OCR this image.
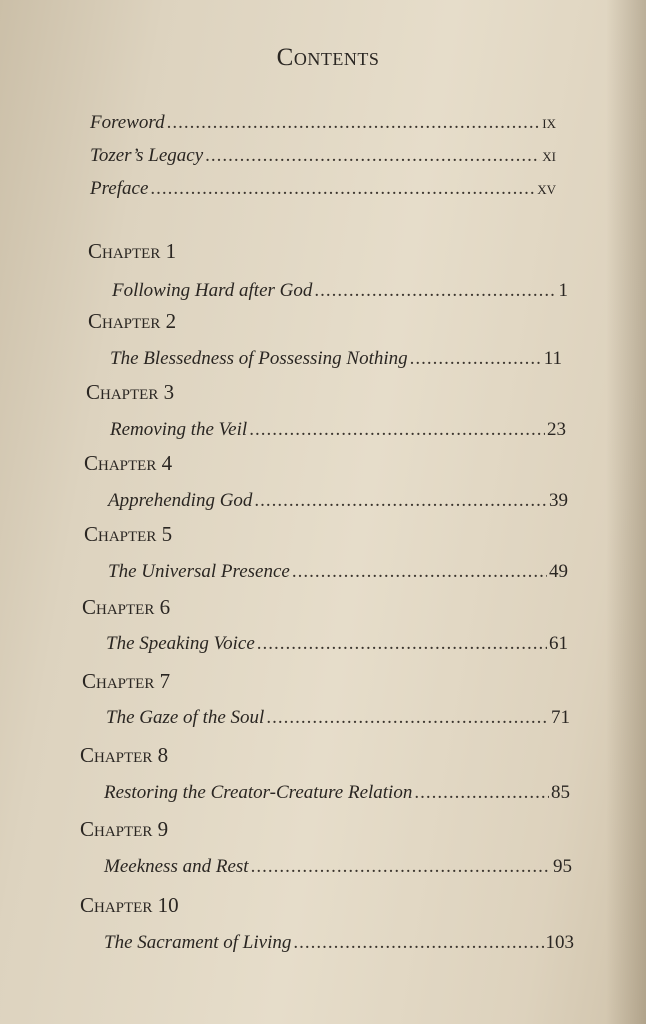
Contents
Foreword .....	ix
Tozer’s Legacy .....	xi
Preface .....	xv
Chapter 1
Following Hard after God .....	1
Chapter 2
The Blessedness of Possessing Nothing .....	11
Chapter 3
Removing the Veil .....	23
Chapter 4
Apprehending God .....	39
Chapter 5
The Universal Presence .....	49
Chapter 6
The Speaking Voice .....	61
Chapter 7
The Gaze of the Soul .....	71
Chapter 8
Restoring the Creator-Creature Relation .....	85
Chapter 9
Meekness and Rest .....	95
Chapter 10
The Sacrament of Living .....	103
